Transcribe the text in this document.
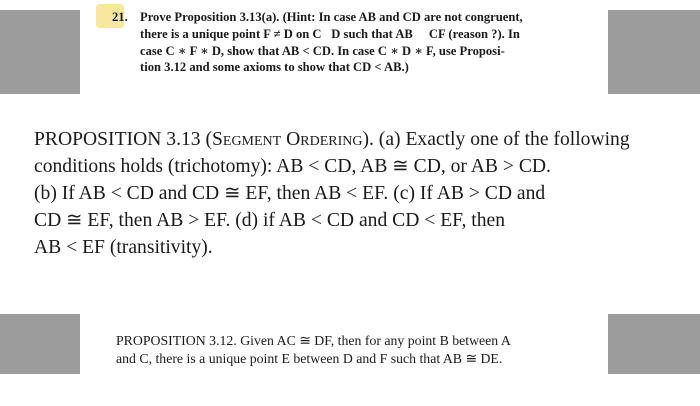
21. Prove Proposition 3.13(a). (Hint: In case AB and CD are not congruent,
there is a unique point F ≠ D on C⃗D such that AB ≅ CF (reason ?). In
case C ∗ F ∗ D, show that AB < CD. In case C ∗ D ∗ F, use Proposi-
tion 3.12 and some axioms to show that CD < AB.)
PROPOSITION 3.13 (Segment Ordering). (a) Exactly one of the following
conditions holds (trichotomy): AB < CD, AB ≅ CD, or AB > CD.
(b) If AB < CD and CD ≅ EF, then AB < EF. (c) If AB > CD and
CD ≅ EF, then AB > EF. (d) if AB < CD and CD < EF, then
AB < EF (transitivity).
PROPOSITION 3.12. Given AC ≅ DF, then for any point B between A
and C, there is a unique point E between D and F such that AB ≅ DE.
